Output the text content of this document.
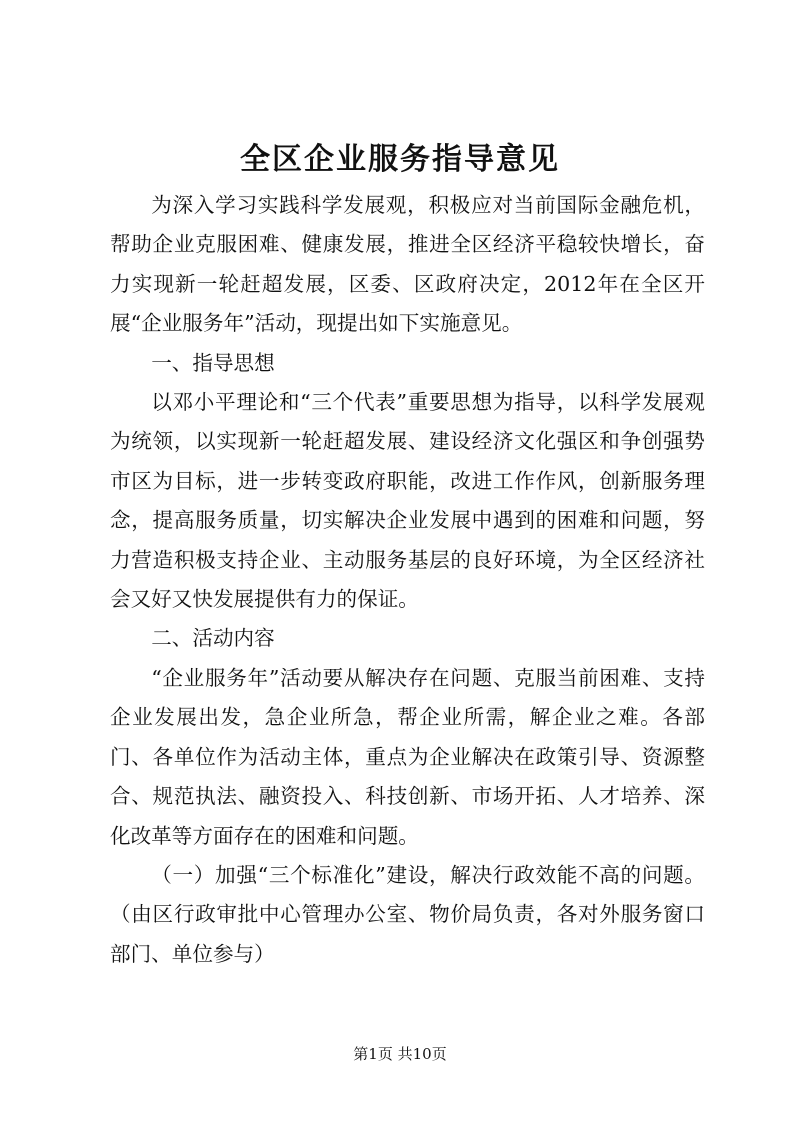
全区企业服务指导意见

为深入学习实践科学发展观，积极应对当前国际金融危机，帮助企业克服困难、健康发展，推进全区经济平稳较快增长，奋力实现新一轮赶超发展，区委、区政府决定，2012年在全区开展“企业服务年”活动，现提出如下实施意见。

一、指导思想

以邓小平理论和“三个代表”重要思想为指导，以科学发展观为统领，以实现新一轮赶超发展、建设经济文化强区和争创强势市区为目标，进一步转变政府职能，改进工作作风，创新服务理念，提高服务质量，切实解决企业发展中遇到的困难和问题，努力营造积极支持企业、主动服务基层的良好环境，为全区经济社会又好又快发展提供有力的保证。

二、活动内容

“企业服务年”活动要从解决存在问题、克服当前困难、支持企业发展出发，急企业所急，帮企业所需，解企业之难。各部门、各单位作为活动主体，重点为企业解决在政策引导、资源整合、规范执法、融资投入、科技创新、市场开拓、人才培养、深化改革等方面存在的困难和问题。

（一）加强“三个标准化”建设，解决行政效能不高的问题。（由区行政审批中心管理办公室、物价局负责，各对外服务窗口部门、单位参与）

第1页 共10页
